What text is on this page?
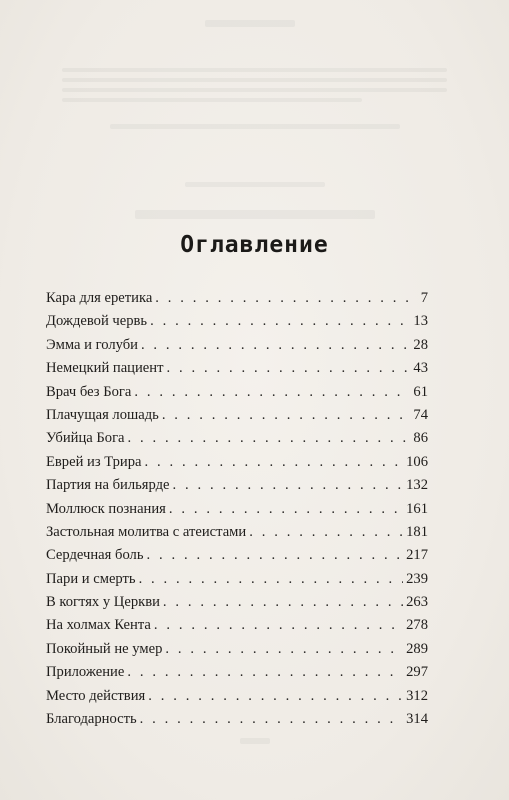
Оглавление
Кара для еретика . . .	7
Дождевой червь . . .	13
Эмма и голуби . . .	28
Немецкий пациент . . .	43
Врач без Бога . . .	61
Плачущая лошадь . . .	74
Убийца Бога . . .	86
Еврей из Трира . . .	106
Партия на бильярде . . .	132
Моллюск познания . . .	161
Застольная молитва с атеистами . . .	181
Сердечная боль . . .	217
Пари и смерть . . .	239
В когтях у Церкви . . .	263
На холмах Кента . . .	278
Покойный не умер . . .	289
Приложение . . .	297
Место действия . . .	312
Благодарность . . .	314
